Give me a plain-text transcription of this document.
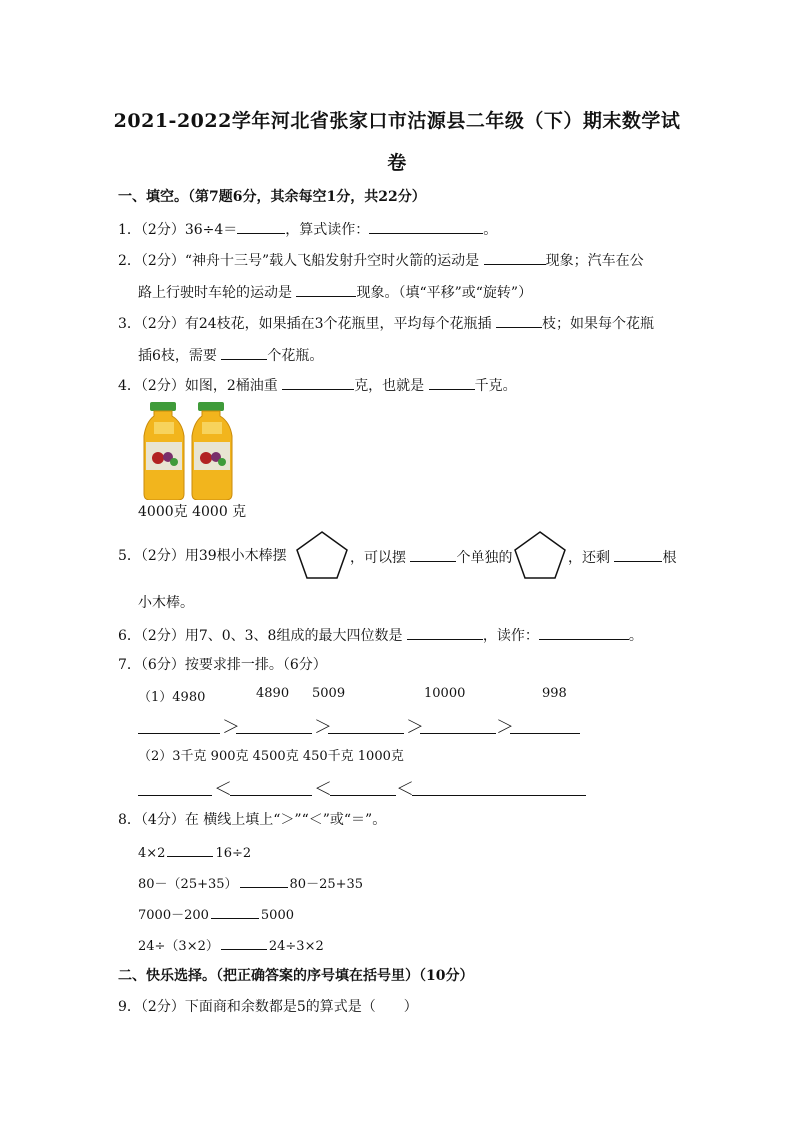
2021-2022学年河北省张家口市沽源县二年级（下）期末数学试
卷
一、填空。（第7题6分，其余每空1分，共22分）
1．（2分）36÷4＝	，算式读作：	。
2．（2分）“神舟十三号”载人飞船发射升空时火箭的运动是	现象；汽车在公
路上行驶时车轮的运动是	现象。（填“平移”或“旋转”）
3．（2分）有24枝花，如果插在3个花瓶里，平均每个花瓶插	枝；如果每个花瓶
插6枝，需要	个花瓶。
4．（2分）如图，2桶油重	克，也就是	千克。
4000克 4000 克
5．（2分）用39根小木棒摆	，可以摆	个单独的	，还剩	根
小木棒。
6．（2分）用7、0、3、8组成的最大四位数是	，读作：	。
7．（6分）按要求排一排。（6分）
（1）4980	4890 5009	10000	998
＞	＞	＞	＞
（2）3千克 900克 4500克 450千克 1000克
＜	＜	＜
8．（4分）在 横线上填上“＞”“＜”或“＝”。
4×2	16÷2
80－（25+35）	80－25+35
7000－200	5000
24÷（3×2）	24÷3×2
二、快乐选择。（把正确答案的序号填在括号里）（10分）
9．（2分）下面商和余数都是5的算式是（　　）
